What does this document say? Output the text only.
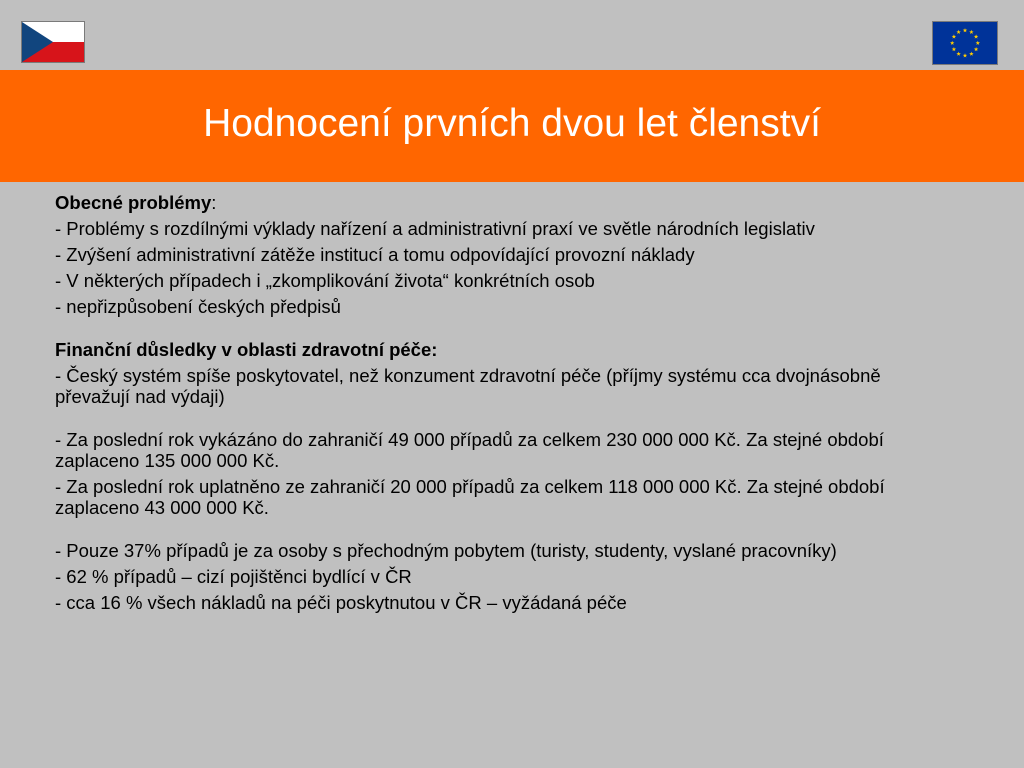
Hodnocení prvních dvou let členství

Obecné problémy:

- Problémy s rozdílnými výklady nařízení a administrativní praxí ve světle národních legislativ

- Zvýšení administrativní zátěže institucí a tomu odpovídající provozní náklady

- V některých případech i „zkomplikování života“ konkrétních osob

- nepřizpůsobení českých předpisů

Finanční důsledky v oblasti zdravotní péče:

- Český systém spíše poskytovatel, než konzument zdravotní péče (příjmy systému cca dvojnásobně převažují nad výdaji)

- Za poslední rok vykázáno do zahraničí 49 000 případů za celkem 230 000 000 Kč. Za stejné období zaplaceno 135 000 000 Kč.

- Za poslední rok uplatněno ze zahraničí 20 000 případů za celkem 118 000 000 Kč. Za stejné období zaplaceno 43 000 000 Kč.

- Pouze 37% případů je za osoby s přechodným pobytem (turisty, studenty, vyslané pracovníky)

- 62 % případů – cizí pojištěnci bydlící v ČR

- cca 16 % všech nákladů na péči poskytnutou v ČR – vyžádaná péče
